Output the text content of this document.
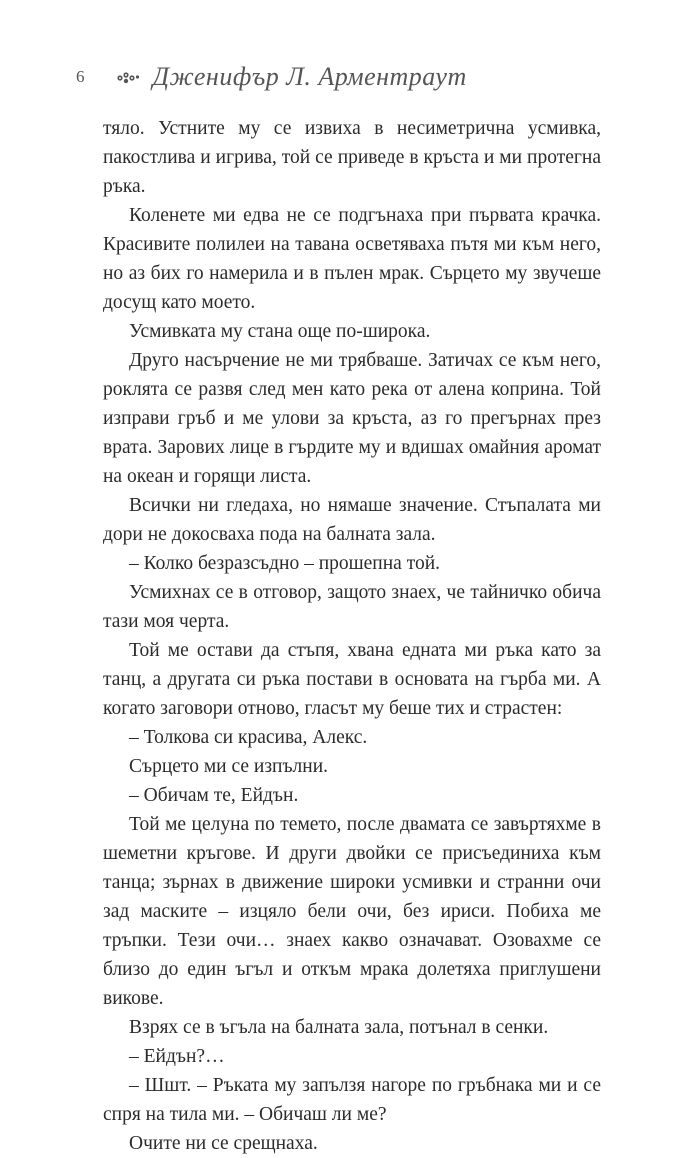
6	Дженифър Л. Арментраут

тяло. Устните му се извиха в несиметрична усмивка, пакостлива и игрива, той се приведе в кръста и ми протегна ръка.

Коленете ми едва не се подгънаха при първата крачка. Красивите полилеи на тавана осветяваха пътя ми към него, но аз бих го намерила и в пълен мрак. Сърцето му звучеше досущ като моето.

Усмивката му стана още по-широка.

Друго насърчение не ми трябваше. Затичах се към него, роклята се развя след мен като река от алена коприна. Той изправи гръб и ме улови за кръста, аз го прегърнах през врата. Зарових лице в гърдите му и вдишах омайния аромат на океан и горящи листа.

Всички ни гледаха, но нямаше значение. Стъпалата ми дори не докосваха пода на балната зала.

– Колко безразсъдно – прошепна той.

Усмихнах се в отговор, защото знаех, че тайничко обича тази моя черта.

Той ме остави да стъпя, хвана едната ми ръка като за танц, а другата си ръка постави в основата на гърба ми. А когато заговори отново, гласът му беше тих и страстен:

– Толкова си красива, Алекс.

Сърцето ми се изпълни.

– Обичам те, Ейдън.

Той ме целуна по темето, после двамата се завъртяхме в шеметни кръгове. И други двойки се присъединиха към танца; зърнах в движение широки усмивки и странни очи зад маските – изцяло бели очи, без ириси. Побиха ме тръпки. Тези очи… знаех какво означават. Озовахме се близо до един ъгъл и откъм мрака долетяха приглушени викове.

Взрях се в ъгъла на балната зала, потънал в сенки.

– Ейдън?…

– Шшт. – Ръката му запълзя нагоре по гръбнака ми и се спря на тила ми. – Обичаш ли ме?

Очите ни се срещнаха.
